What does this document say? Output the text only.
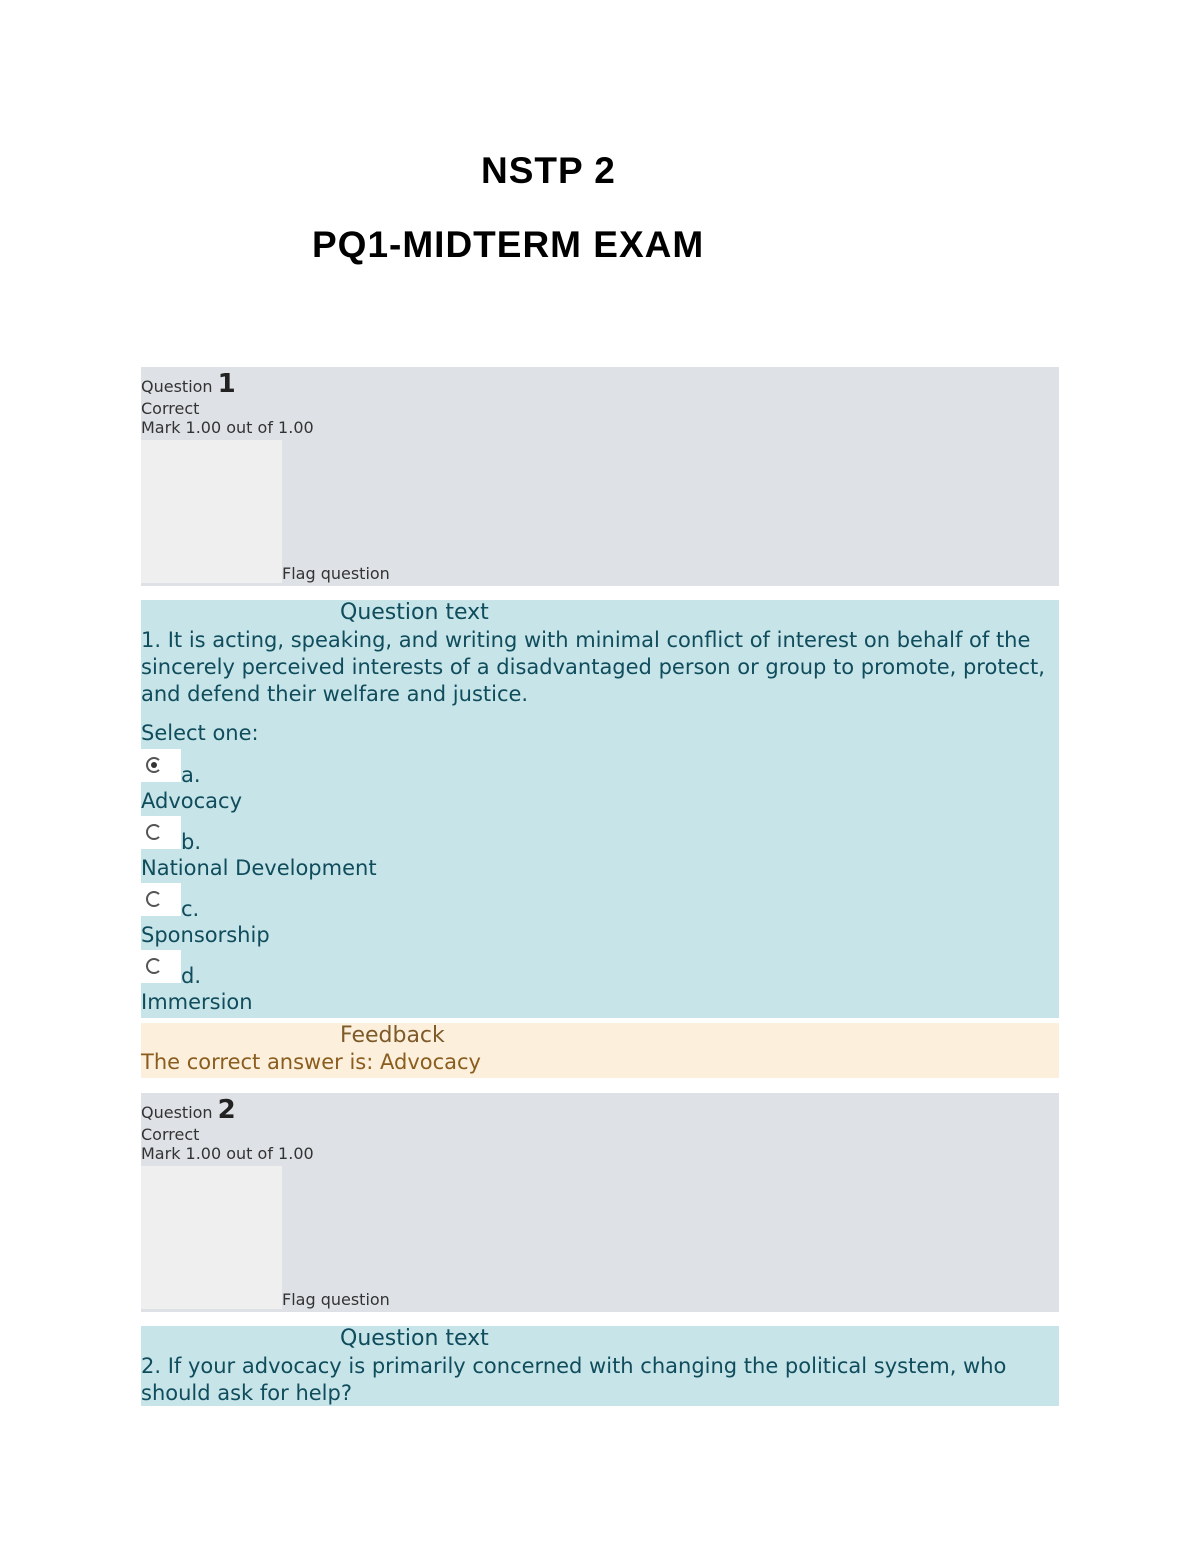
NSTP 2
PQ1-MIDTERM EXAM
Question 1
Correct
Mark 1.00 out of 1.00
Flag question
Question text
1. It is acting, speaking, and writing with minimal conflict of interest on behalf of the sincerely perceived interests of a disadvantaged person or group to promote, protect, and defend their welfare and justice.
Select one:
a.
Advocacy
b.
National Development
c.
Sponsorship
d.
Immersion
Feedback
The correct answer is: Advocacy
Question 2
Correct
Mark 1.00 out of 1.00
Flag question
Question text
2. If your advocacy is primarily concerned with changing the political system, who should ask for help?
